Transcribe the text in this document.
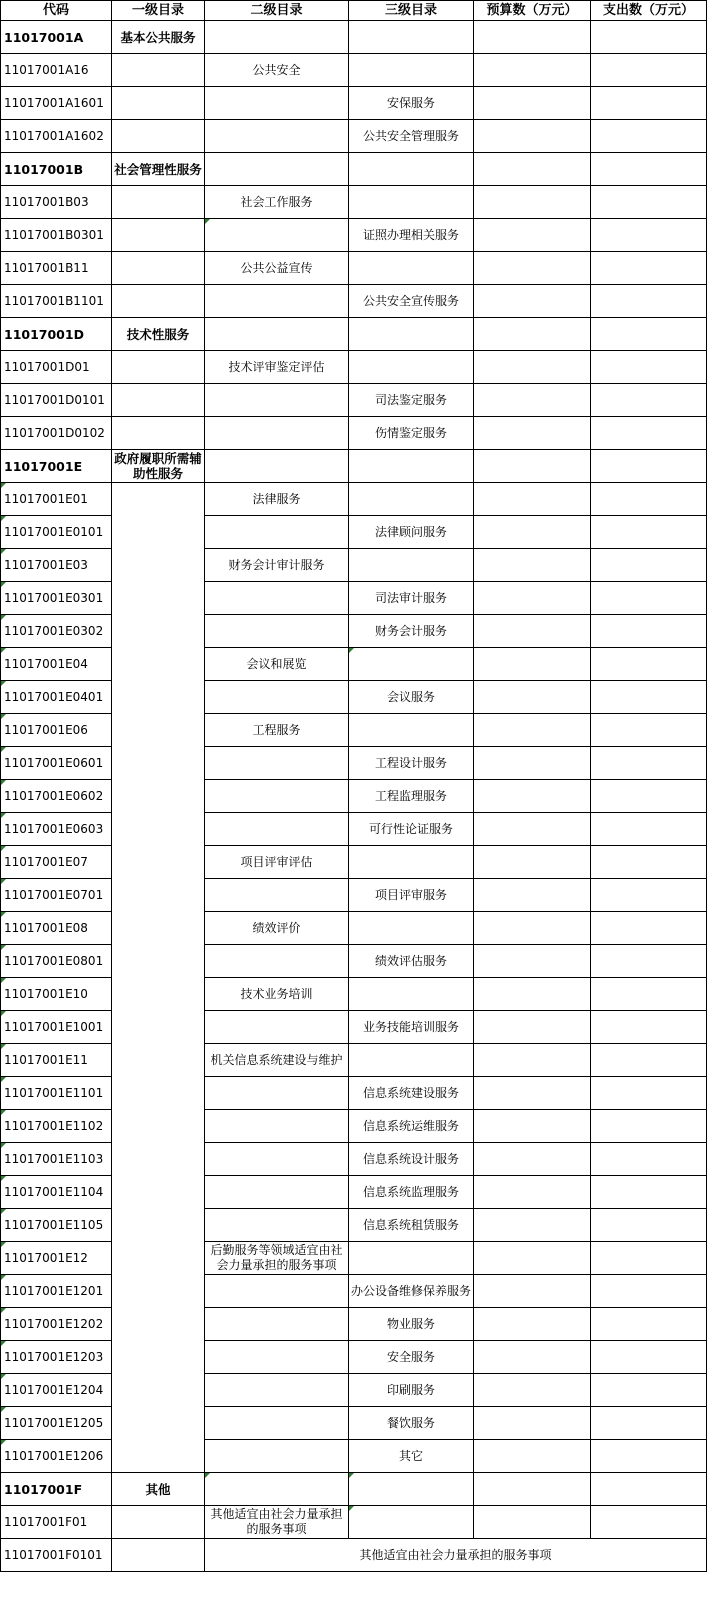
代码	一级目录	二级目录	三级目录	预算数（万元）	支出数（万元）
11017001A	基本公共服务				
11017001A16		公共安全			
11017001A1601			安保服务		
11017001A1602			公共安全管理服务		
11017001B	社会管理性服务				
11017001B03		社会工作服务			
11017001B0301			证照办理相关服务		
11017001B11		公共公益宣传			
11017001B1101			公共安全宣传服务		
11017001D	技术性服务				
11017001D01		技术评审鉴定评估			
11017001D0101			司法鉴定服务		
11017001D0102			伤情鉴定服务		
11017001E	政府履职所需辅助性服务				
11017001E01		法律服务			
11017001E0101			法律顾问服务		
11017001E03		财务会计审计服务			
11017001E0301			司法审计服务		
11017001E0302			财务会计服务		
11017001E04		会议和展览			
11017001E0401			会议服务		
11017001E06		工程服务			
11017001E0601			工程设计服务		
11017001E0602			工程监理服务		
11017001E0603			可行性论证服务		
11017001E07		项目评审评估			
11017001E0701			项目评审服务		
11017001E08		绩效评价			
11017001E0801			绩效评估服务		
11017001E10		技术业务培训			
11017001E1001			业务技能培训服务		
11017001E11		机关信息系统建设与维护			
11017001E1101			信息系统建设服务		
11017001E1102			信息系统运维服务		
11017001E1103			信息系统设计服务		
11017001E1104			信息系统监理服务		
11017001E1105			信息系统租赁服务		
11017001E12		后勤服务等领域适宜由社会力量承担的服务事项			
11017001E1201			办公设备维修保养服务		
11017001E1202			物业服务		
11017001E1203			安全服务		
11017001E1204			印刷服务		
11017001E1205			餐饮服务		
11017001E1206			其它		
11017001F	其他				
11017001F01		其他适宜由社会力量承担的服务事项			
11017001F0101		其他适宜由社会力量承担的服务事项			
